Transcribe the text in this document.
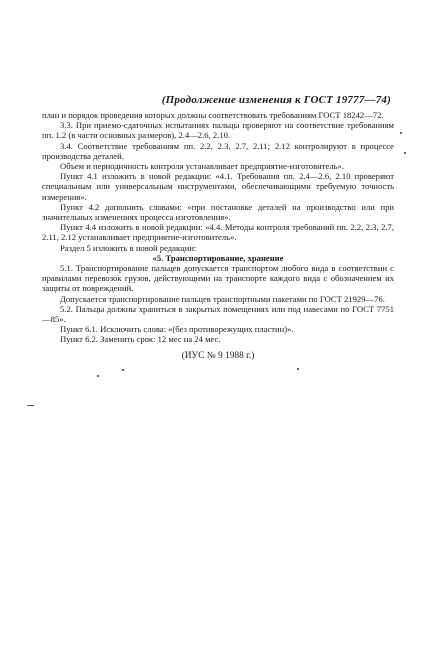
(Продолжение изменения к ГОСТ 19777—74)

план и порядок проведения которых должны соответствовать требованиям ГОСТ 18242—72.

3.3. При приемо-сдаточных испытаниях пальцы проверяют на соответствие требованиям пп. 1.2 (в части основных размеров), 2.4—2.6, 2.10.

3.4. Соответствие требованиям пп. 2.2, 2.3, 2.7, 2.11; 2.12 контролируют в процессе производства деталей.

Объем и периодичность контроля устанавливает предприятие-изготовитель».

Пункт 4.1 изложить в новой редакции: «4.1. Требования пп. 2.4—2.6, 2.10 проверяют специальным или универсальным инструментами, обеспечивающими требуемую точность измерения».

Пункт 4.2 дополнить словами: «при постановке деталей на производство или при значительных изменениях процесса изготовления».

Пункт 4.4 изложить в новой редакции: «4.4. Методы контроля требований пп. 2.2, 2.3, 2.7, 2.11, 2.12 устанавливает предприятие-изготовитель».

Раздел 5 изложить в новой редакции:

«5. Транспортирование, хранение

5.1. Транспортирование пальцев допускается транспортом любого вида в соответствии с правилами перевозок грузов, действующими на транспорте каждого вида с обозначением их защиты от повреждений.

Допускается транспортирование пальцев транспортными пакетами по ГОСТ 21929—76.

5.2. Пальцы должны храниться в закрытых помещениях или под навесами по ГОСТ 7751—85».

Пункт 6.1. Исключить слова: «(без противорежущих пластин)».

Пункт 6.2. Заменить срок: 12 мес на 24 мес.

(ИУС № 9 1988 г.)
